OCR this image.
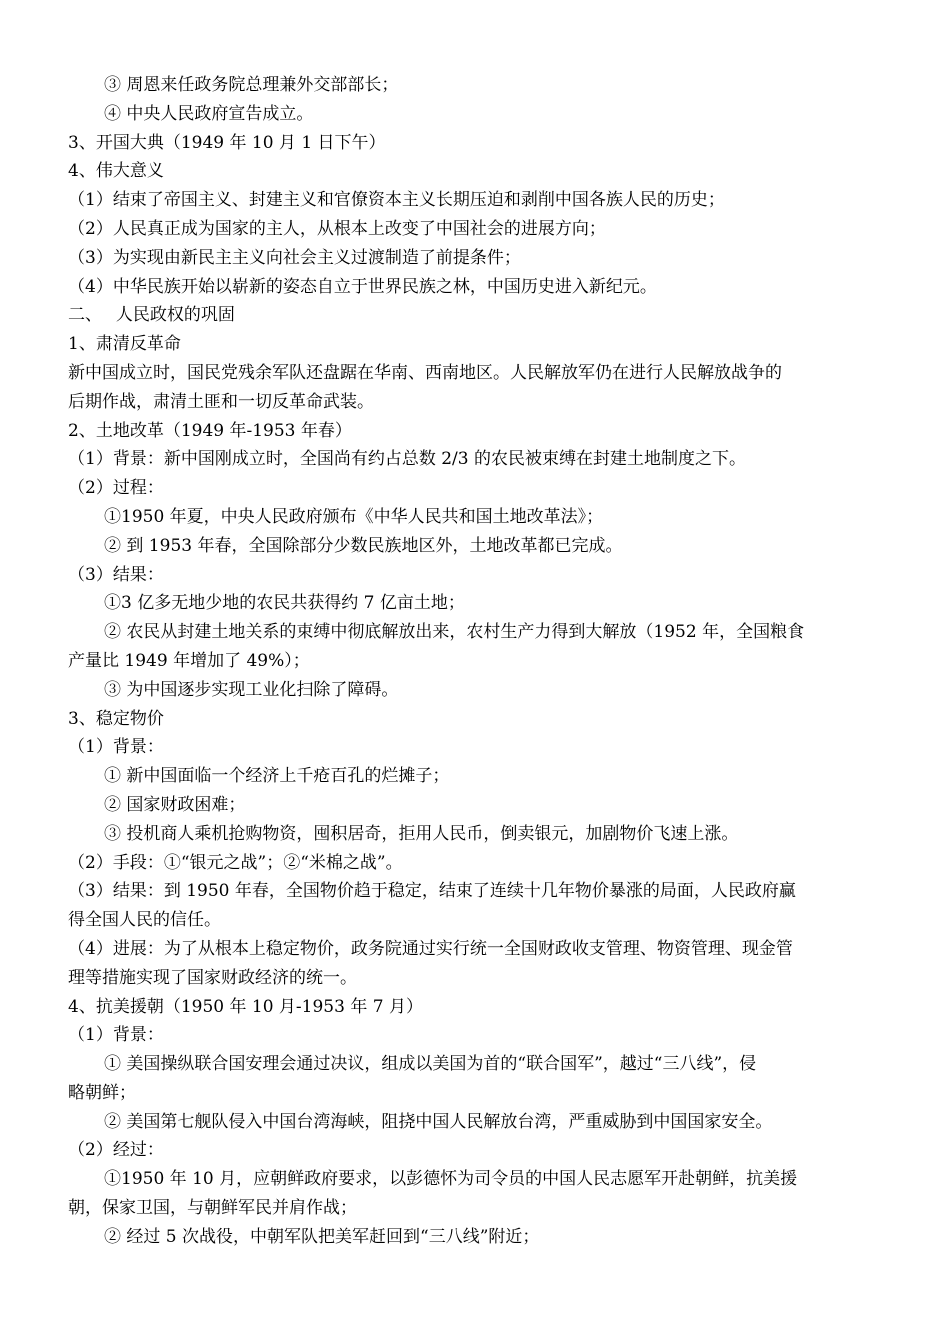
③ 周恩来任政务院总理兼外交部部长；
④ 中央人民政府宣告成立。
3、开国大典（1949 年 10 月 1 日下午）
4、伟大意义
（1）结束了帝国主义、封建主义和官僚资本主义长期压迫和剥削中国各族人民的历史；
（2）人民真正成为国家的主人，从根本上改变了中国社会的进展方向；
（3）为实现由新民主主义向社会主义过渡制造了前提条件；
（4）中华民族开始以崭新的姿态自立于世界民族之林，中国历史进入新纪元。
二、　 人民政权的巩固
1、肃清反革命
新中国成立时，国民党残余军队还盘踞在华南、西南地区。人民解放军仍在进行人民解放战争的
后期作战，肃清土匪和一切反革命武装。
2、土地改革（1949 年-1953 年春）
（1）背景：新中国刚成立时，全国尚有约占总数 2/3 的农民被束缚在封建土地制度之下。
（2）过程：
①1950 年夏，中央人民政府颁布《中华人民共和国土地改革法》；
② 到 1953 年春，全国除部分少数民族地区外，土地改革都已完成。
（3）结果：
①3 亿多无地少地的农民共获得约 7 亿亩土地；
② 农民从封建土地关系的束缚中彻底解放出来，农村生产力得到大解放（1952 年，全国粮食
产量比 1949 年增加了 49%）；
③ 为中国逐步实现工业化扫除了障碍。
3、稳定物价
（1）背景：
① 新中国面临一个经济上千疮百孔的烂摊子；
② 国家财政困难；
③ 投机商人乘机抢购物资，囤积居奇，拒用人民币，倒卖银元，加剧物价飞速上涨。
（2）手段：①“银元之战”；②“米棉之战”。
（3）结果：到 1950 年春，全国物价趋于稳定，结束了连续十几年物价暴涨的局面，人民政府赢
得全国人民的信任。
（4）进展：为了从根本上稳定物价，政务院通过实行统一全国财政收支管理、物资管理、现金管
理等措施实现了国家财政经济的统一。
4、抗美援朝（1950 年 10 月-1953 年 7 月）
（1）背景：
① 美国操纵联合国安理会通过决议，组成以美国为首的“联合国军”，越过“三八线”，侵
略朝鲜；
② 美国第七舰队侵入中国台湾海峡，阻挠中国人民解放台湾，严重威胁到中国国家安全。
（2）经过：
①1950 年 10 月，应朝鲜政府要求，以彭德怀为司令员的中国人民志愿军开赴朝鲜，抗美援
朝，保家卫国，与朝鲜军民并肩作战；
② 经过 5 次战役，中朝军队把美军赶回到“三八线”附近；
